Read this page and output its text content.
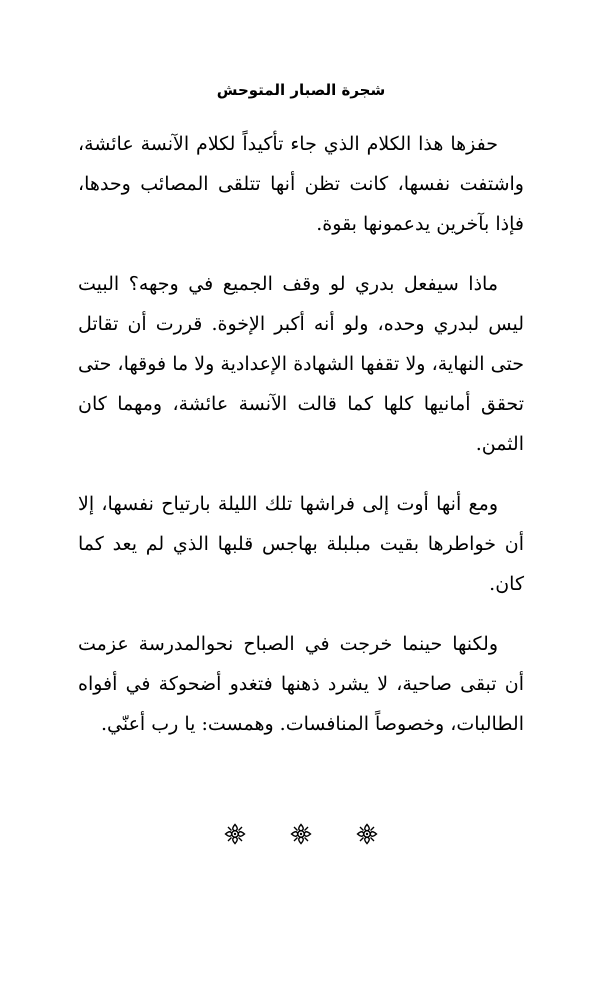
شجرة الصبار المتوحش

حفزها هذا الكلام الذي جاء تأكيداً لكلام الآنسة عائشة، واشتفت نفسها، كانت تظن أنها تتلقى المصائب وحدها، فإذا بآخرين يدعمونها بقوة.

ماذا سيفعل بدري لو وقف الجميع في وجهه؟ البيت ليس لبدري وحده، ولو أنه أكبر الإخوة. قررت أن تقاتل حتى النهاية، ولا تقفها الشهادة الإعدادية ولا ما فوقها، حتى تحقق أمانيها كلها كما قالت الآنسة عائشة، ومهما كان الثمن.

ومع أنها أوت إلى فراشها تلك الليلة بارتياح نفسها، إلا أن خواطرها بقيت مبلبلة بهاجس قلبها الذي لم يعد كما كان.

ولكنها حينما خرجت في الصباح نحوالمدرسة عزمت أن تبقى صاحية، لا يشرد ذهنها فتغدو أضحوكة في أفواه الطالبات، وخصوصاً المنافسات. وهمست: يا رب أعنّي.
